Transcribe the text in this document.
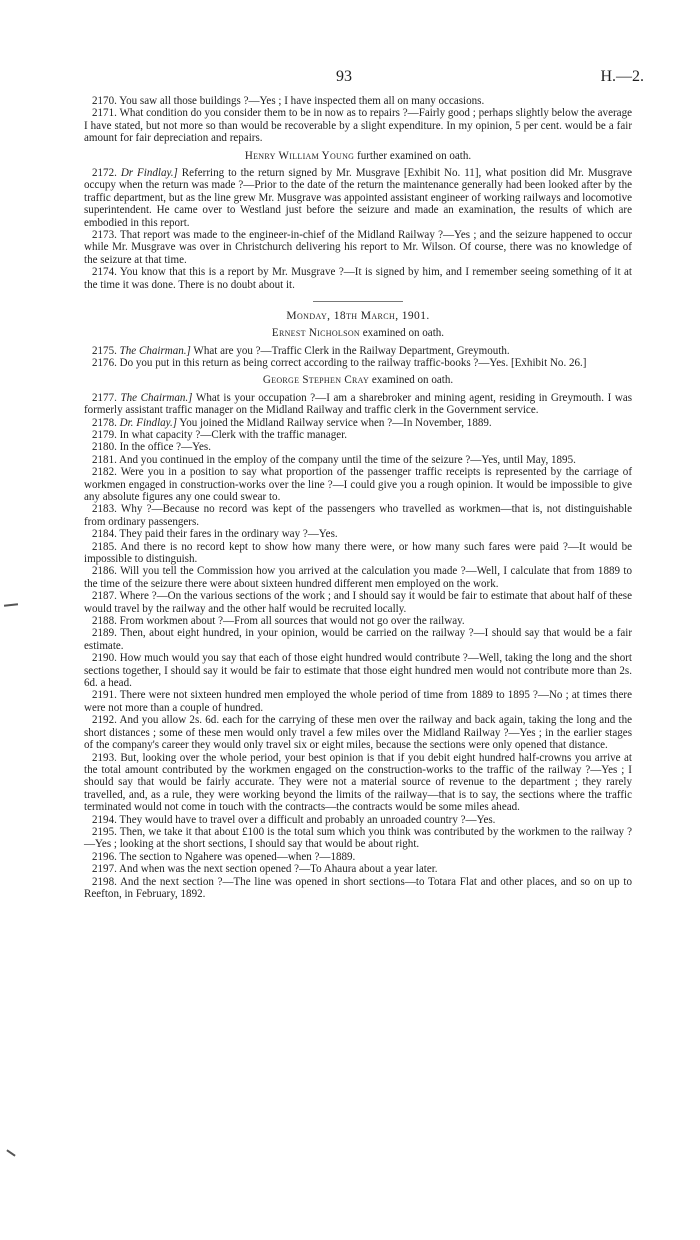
93	H.—2.

2170. You saw all those buildings ?—Yes ; I have inspected them all on many occasions.

2171. What condition do you consider them to be in now as to repairs ?—Fairly good ; perhaps slightly below the average I have stated, but not more so than would be recoverable by a slight expenditure. In my opinion, 5 per cent. would be a fair amount for fair depreciation and repairs.

Henry William Young further examined on oath.

2172. Dr Findlay.] Referring to the return signed by Mr. Musgrave [Exhibit No. 11], what position did Mr. Musgrave occupy when the return was made ?—Prior to the date of the return the maintenance generally had been looked after by the traffic department, but as the line grew Mr. Musgrave was appointed assistant engineer of working railways and locomotive superintendent. He came over to Westland just before the seizure and made an examination, the results of which are embodied in this report.

2173. That report was made to the engineer-in-chief of the Midland Railway ?—Yes ; and the seizure happened to occur while Mr. Musgrave was over in Christchurch delivering his report to Mr. Wilson. Of course, there was no knowledge of the seizure at that time.

2174. You know that this is a report by Mr. Musgrave ?—It is signed by him, and I remember seeing something of it at the time it was done. There is no doubt about it.

Monday, 18th March, 1901.
Ernest Nicholson examined on oath.

2175. The Chairman.] What are you ?—Traffic Clerk in the Railway Department, Greymouth.

2176. Do you put in this return as being correct according to the railway traffic-books ?—Yes. [Exhibit No. 26.]

George Stephen Cray examined on oath.

2177. The Chairman.] What is your occupation ?—I am a sharebroker and mining agent, residing in Greymouth. I was formerly assistant traffic manager on the Midland Railway and traffic clerk in the Government service.

2178. Dr. Findlay.] You joined the Midland Railway service when ?—In November, 1889.

2179. In what capacity ?—Clerk with the traffic manager.

2180. In the office ?—Yes.

2181. And you continued in the employ of the company until the time of the seizure ?—Yes, until May, 1895.

2182. Were you in a position to say what proportion of the passenger traffic receipts is represented by the carriage of workmen engaged in construction-works over the line ?—I could give you a rough opinion. It would be impossible to give any absolute figures any one could swear to.

2183. Why ?—Because no record was kept of the passengers who travelled as workmen—that is, not distinguishable from ordinary passengers.

2184. They paid their fares in the ordinary way ?—Yes.

2185. And there is no record kept to show how many there were, or how many such fares were paid ?—It would be impossible to distinguish.

2186. Will you tell the Commission how you arrived at the calculation you made ?—Well, I calculate that from 1889 to the time of the seizure there were about sixteen hundred different men employed on the work.

2187. Where ?—On the various sections of the work ; and I should say it would be fair to estimate that about half of these would travel by the railway and the other half would be recruited locally.

2188. From workmen about ?—From all sources that would not go over the railway.

2189. Then, about eight hundred, in your opinion, would be carried on the railway ?—I should say that would be a fair estimate.

2190. How much would you say that each of those eight hundred would contribute ?—Well, taking the long and the short sections together, I should say it would be fair to estimate that those eight hundred men would not contribute more than 2s. 6d. a head.

2191. There were not sixteen hundred men employed the whole period of time from 1889 to 1895 ?—No ; at times there were not more than a couple of hundred.

2192. And you allow 2s. 6d. each for the carrying of these men over the railway and back again, taking the long and the short distances ; some of these men would only travel a few miles over the Midland Railway ?—Yes ; in the earlier stages of the company's career they would only travel six or eight miles, because the sections were only opened that distance.

2193. But, looking over the whole period, your best opinion is that if you debit eight hundred half-crowns you arrive at the total amount contributed by the workmen engaged on the construction-works to the traffic of the railway ?—Yes ; I should say that would be fairly accurate. They were not a material source of revenue to the department ; they rarely travelled, and, as a rule, they were working beyond the limits of the railway—that is to say, the sections where the traffic terminated would not come in touch with the contracts—the contracts would be some miles ahead.

2194. They would have to travel over a difficult and probably an unroaded country ?—Yes.

2195. Then, we take it that about £100 is the total sum which you think was contributed by the workmen to the railway ?—Yes ; looking at the short sections, I should say that would be about right.

2196. The section to Ngahere was opened—when ?—1889.

2197. And when was the next section opened ?—To Ahaura about a year later.

2198. And the next section ?—The line was opened in short sections—to Totara Flat and other places, and so on up to Reefton, in February, 1892.
